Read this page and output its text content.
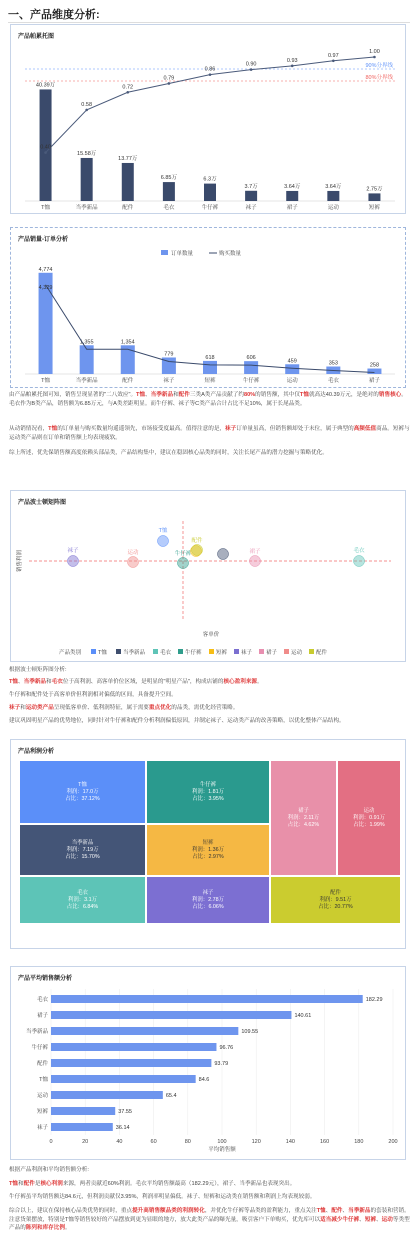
一、产品维度分析:
产品帕累托图
40.39万
T恤
15.58万
当季新品
13.77万
配件
6.85万
毛衣
6.3万
牛仔裤
3.7万
袜子
3.64万
裙子
3.64万
运动
2.75万
短裤
90%分界线
80%分界线
0.40
0.58
0.72
0.79
0.86
0.90
0.93
0.97
1.00

从动销情况看，T恤的订单量与购买数量均遥遥领先，市场接受度最高。值得注意的是，袜子订单量虽高，但销售额却处于末位，属于典型的高频低值商品。短裤与运动类产品则在订单和销售额上均表现疲软。

综上所述，优先保销售额高度依赖头部品类，产品结构集中，建议在稳固核心品类的同时，关注长尾产品的潜力挖掘与策略优化。

产品销量-订单分析
订单数量	购买数量
4,774
T恤
1,355
当季新品
1,354
配件
779
袜子
618
短裤
606
牛仔裤
459
运动
353
毛衣
258
裙子
4,329

由产品帕累托图可知，销售呈现显著的"二八效应"。T恤、当季新品和配件三类A类产品贡献了约80%的销售额，其中仅T恤就高达40.39万元，是绝对的销售核心。毛衣作为B类产品，销售额为6.85万元，与A类差距明显。而牛仔裤、袜子等C类产品合计占比不足10%，属于长尾品类。

产品波士顿矩阵图
销售利润
客单价
T恤
毛衣
牛仔裤
袜子	裙子
运动
配件
产品类别	T恤	当季新品	毛衣	牛仔裤	短裤	袜子	裙子	运动	配件

根据波士顿矩阵图分析:

T恤、当季新品和毛衣位于高利润、高客单价位区域，是明显的"明星产品"，构成店铺的核心盈利来源。

牛仔裤和配件处于高客单价但利润相对偏低的区间，具备提升空间。

袜子和运动类产品呈现低客单价、低利润特征，属于需要重点优化的品类，需优化经营策略。

建议巩固明星产品的优势地位，同时针对牛仔裤和配件分析利润偏低原因，并制定袜子、运动类产品的改善策略，以优化整体产品结构。

产品利润分析
T恤
利润：17.0万
占比：37.12%
牛仔裤
利润：1.81万
占比：3.95%
当季新品
利润：7.19万
占比：15.70%
短裤
利润：1.36万
占比：2.97%
毛衣
利润：3.1万
占比：6.84%
袜子
利润：2.78万
占比：6.06%
裙子
利润：2.11万
占比：4.62%
运动
利润：0.91万
占比：1.99%
配件
利润：9.51万
占比：20.77%
产品平均销售额分析
0	20	40	60	80	100	120	140	160	180	200
平均销售额
毛衣	182.29
裙子	140.61
当季新品	109.55
牛仔裤	96.76
配件	93.79
T恤	84.6
运动	65.4
短裤	37.55
袜子	36.14

根据产品利润和平均销售额分析:

T恤和配件是核心利润来源，两者贡献近60%利润。毛衣平均销售额最高（182.29元），裙子、当季新品也表现突出。

牛仔裤虽平均销售额达84.6元，但利润贡献仅3.95%，利润率明显偏低。袜子、短裤和运动类在销售额和利润上均表现较弱。

综合以上，建议在保持核心品类优势的同时，重点提升高销售额品类的利润转化，并优化牛仔裤等品类的盈利能力，重点关注T恤、配件、当季新品的套装和营销。注意货架摆放，特别是T恤等销售较好的产品摆放到更为显眼的地方，放大此类产品的曝光量，吸引客户下单购买，优先库可以适当减少牛仔裤、短裤、运动等类型产品的陈列和库存比例。
